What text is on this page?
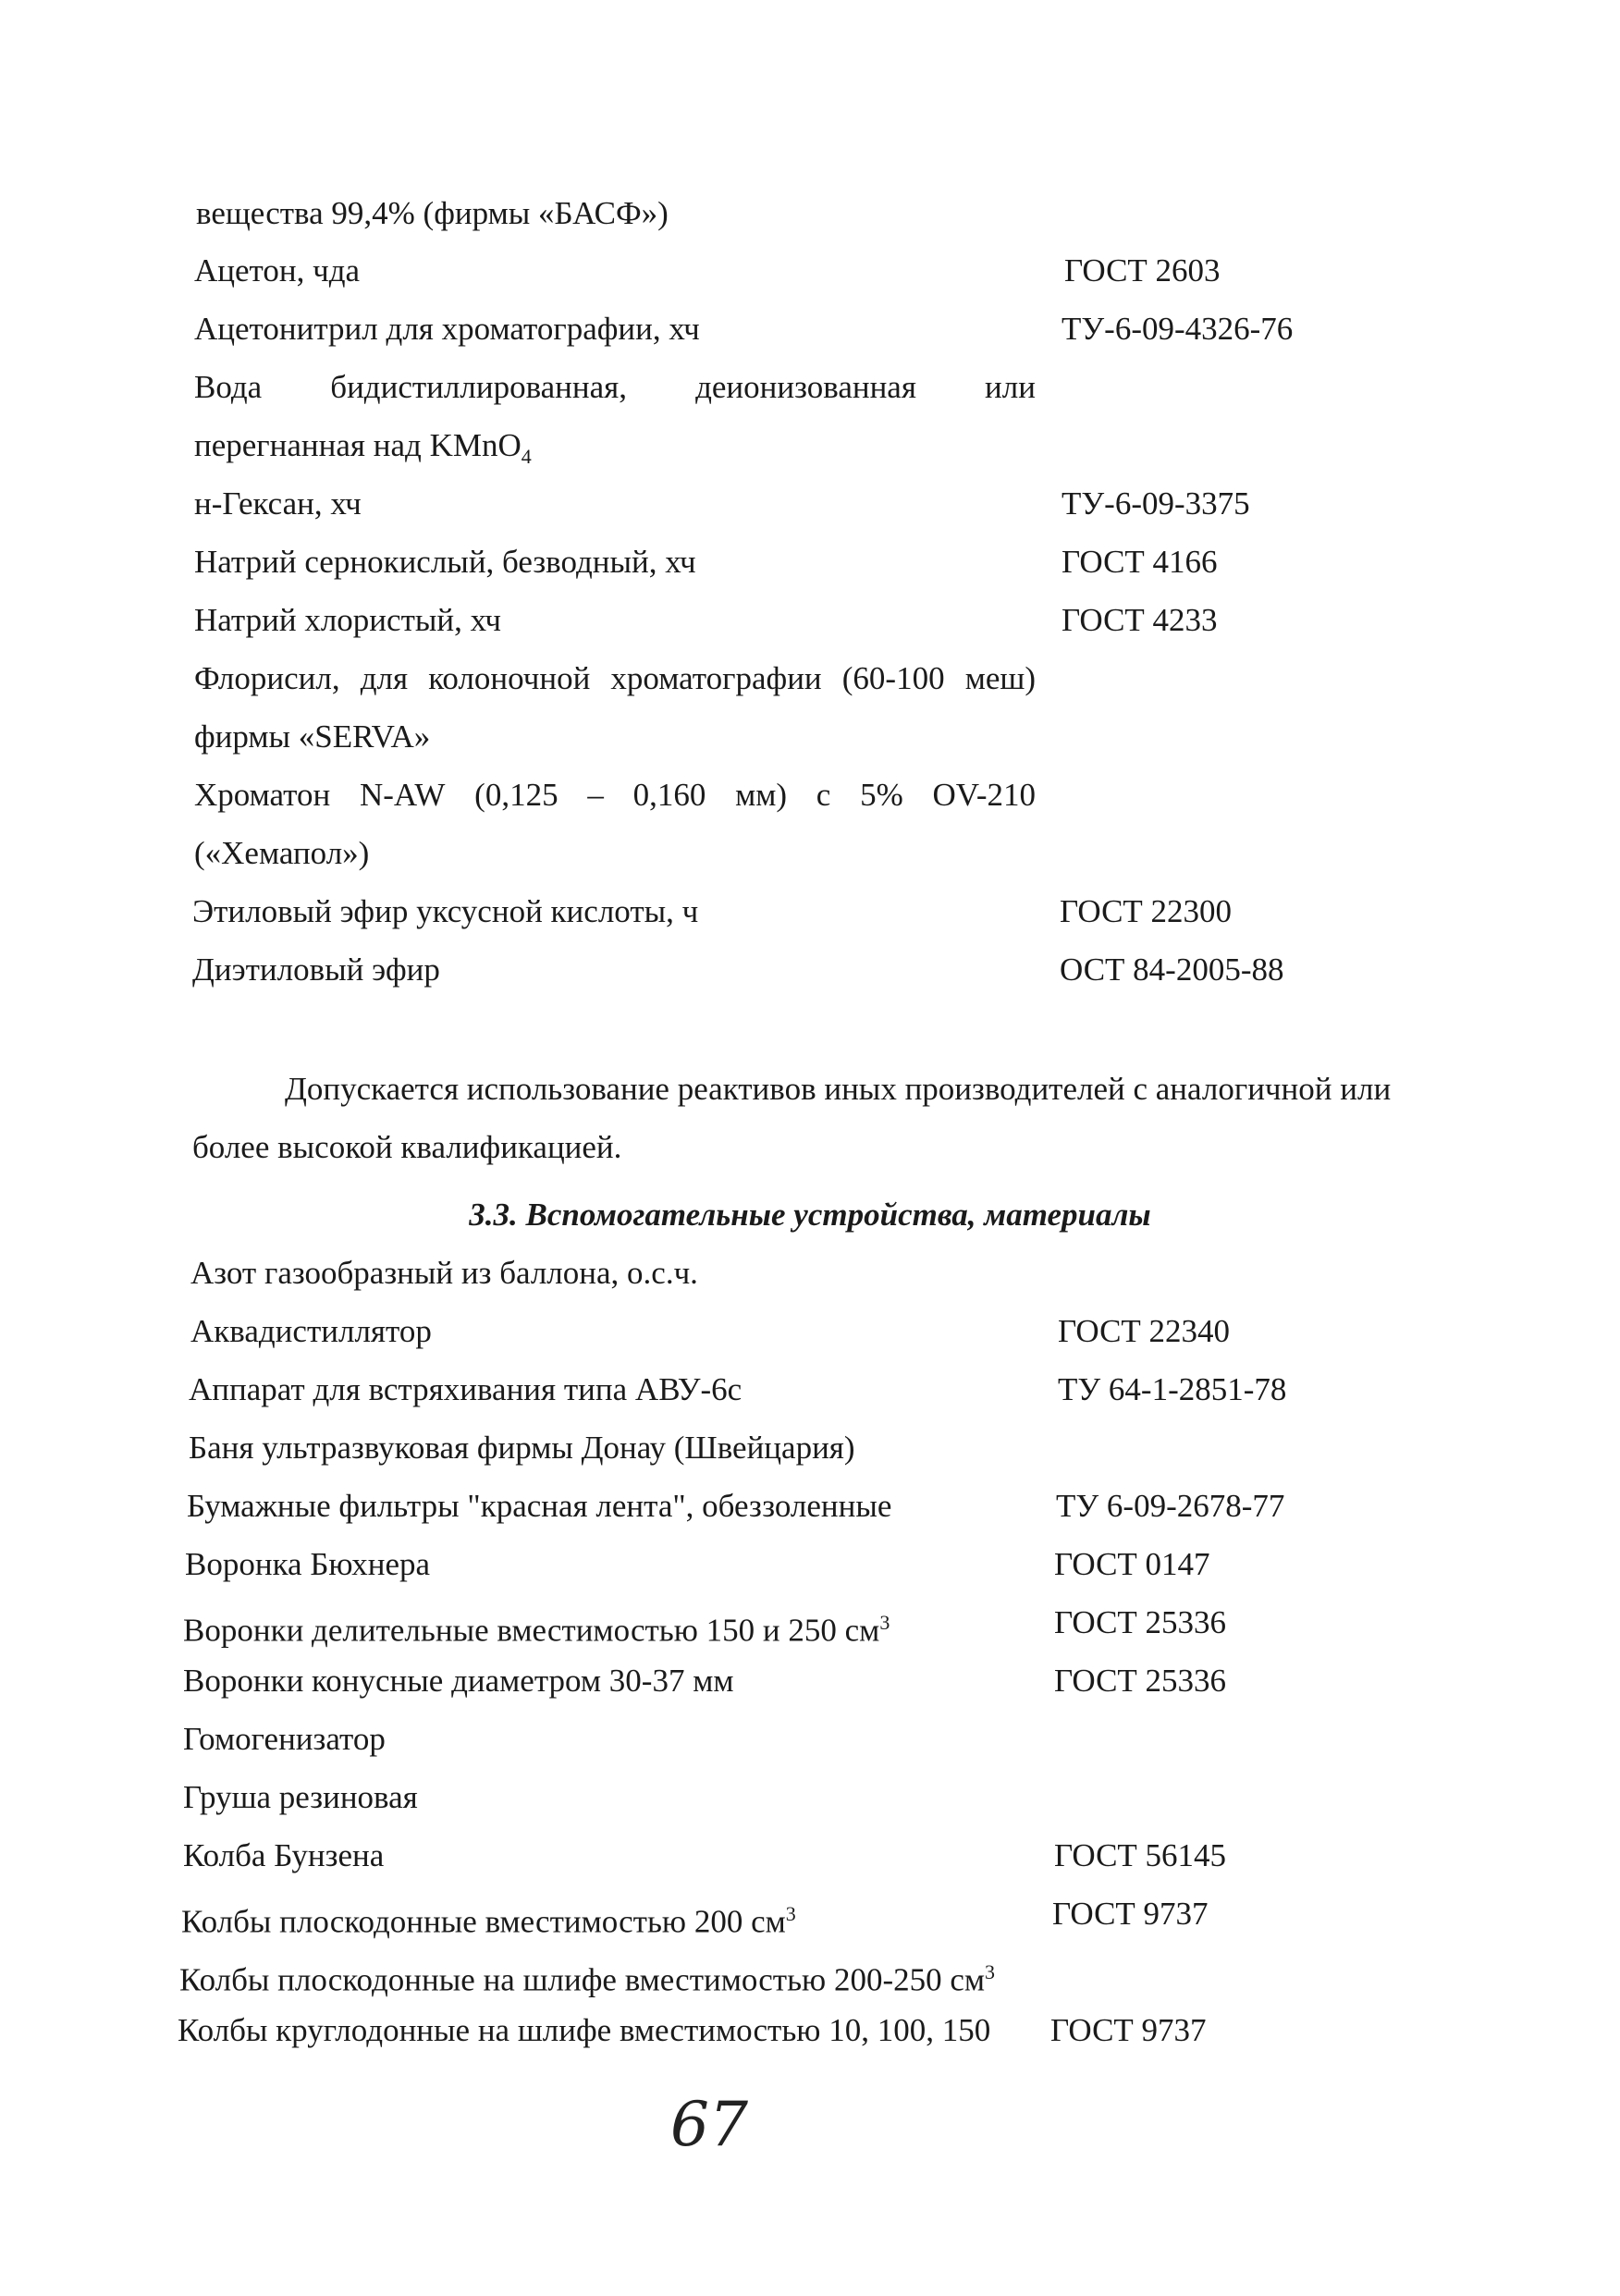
вещества 99,4% (фирмы «БАСФ»)
Ацетон, чда	ГОСТ 2603
Ацетонитрил для хроматографии, хч	ТУ-6-09-4326-76
Вода бидистиллированная, деионизованная или
перегнанная над KMnO$_4$
н-Гексан, хч	ТУ-6-09-3375
Натрий сернокислый, безводный, хч	ГОСТ 4166
Натрий хлористый, хч	ГОСТ 4233
Флорисил, для колоночной хроматографии (60-100 меш)
фирмы «SERVA»
Хроматон N-AW (0,125 – 0,160 мм) с 5% OV-210
(«Хемапол»)
Этиловый эфир уксусной кислоты, ч	ГОСТ 22300
Диэтиловый эфир	ОСТ 84-2005-88
Допускается использование реактивов иных производителей с аналогичной или
более высокой квалификацией.
3.3. Вспомогательные устройства, материалы
Азот газообразный из баллона, о.с.ч.
Аквадистиллятор	ГОСТ 22340
Аппарат для встряхивания типа АВУ-6с	ТУ 64-1-2851-78
Баня ультразвуковая фирмы Донау (Швейцария)
Бумажные фильтры "красная лента", обеззоленные	ТУ 6-09-2678-77
Воронка Бюхнера	ГОСТ 0147
Воронки делительные вместимостью 150 и 250 $см^3$	ГОСТ 25336
Воронки конусные диаметром 30-37 мм	ГОСТ 25336
Гомогенизатор
Груша резиновая
Колба Бунзена	ГОСТ 56145
Колбы плоскодонные вместимостью 200 $см^3$	ГОСТ 9737
Колбы плоскодонные на шлифе вместимостью 200-250 $см^3$
Колбы круглодонные на шлифе вместимостью 10, 100, 150 ГОСТ 9737
67
